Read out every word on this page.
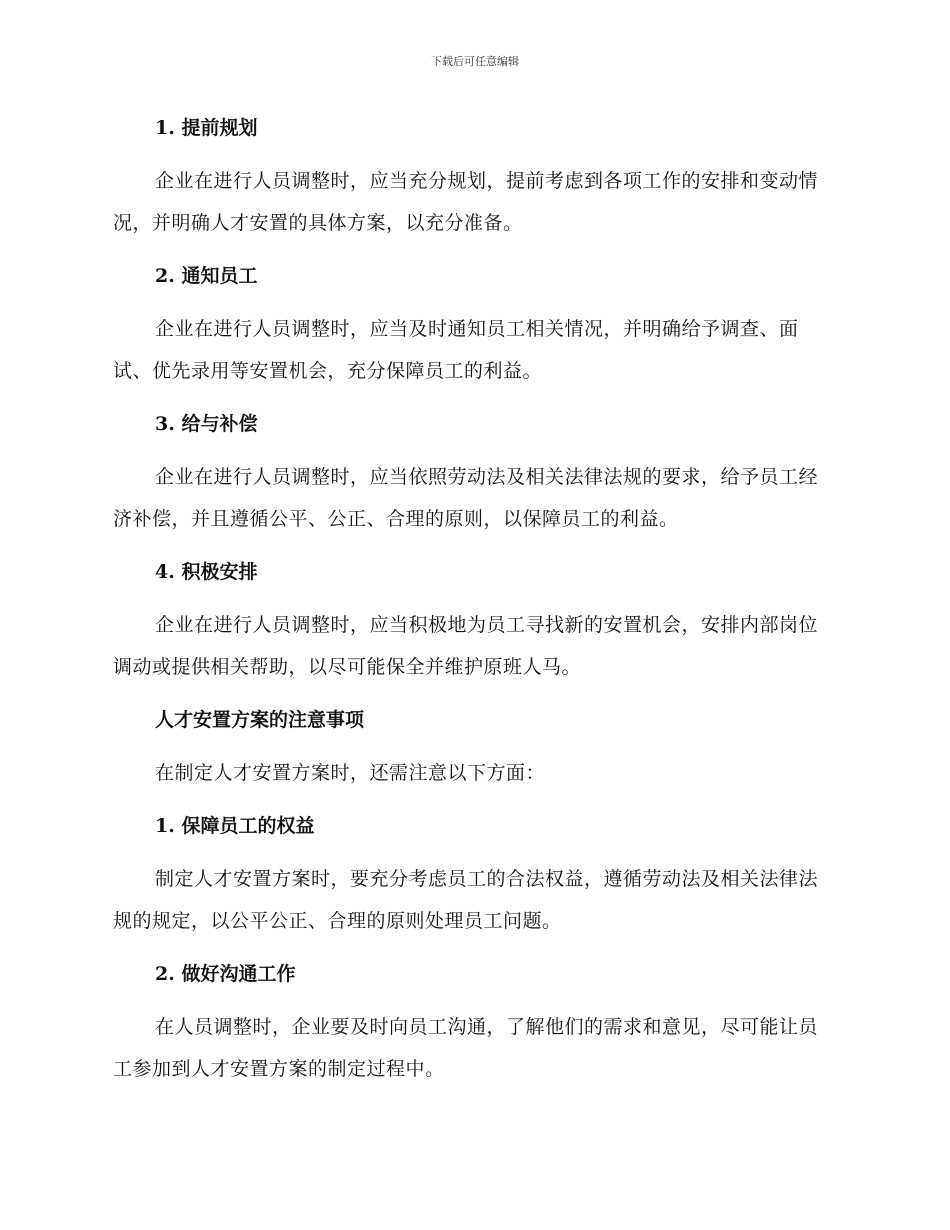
下载后可任意编辑
1. 提前规划

企业在进行人员调整时，应当充分规划，提前考虑到各项工作的安排和变动情况，并明确人才安置的具体方案，以充分准备。

2. 通知员工

企业在进行人员调整时，应当及时通知员工相关情况，并明确给予调查、面试、优先录用等安置机会，充分保障员工的利益。

3. 给与补偿

企业在进行人员调整时，应当依照劳动法及相关法律法规的要求，给予员工经济补偿，并且遵循公平、公正、合理的原则，以保障员工的利益。

4. 积极安排

企业在进行人员调整时，应当积极地为员工寻找新的安置机会，安排内部岗位调动或提供相关帮助，以尽可能保全并维护原班人马。

人才安置方案的注意事项

在制定人才安置方案时，还需注意以下方面：

1. 保障员工的权益

制定人才安置方案时，要充分考虑员工的合法权益，遵循劳动法及相关法律法规的规定，以公平公正、合理的原则处理员工问题。

2. 做好沟通工作

在人员调整时，企业要及时向员工沟通，了解他们的需求和意见，尽可能让员工参加到人才安置方案的制定过程中。
